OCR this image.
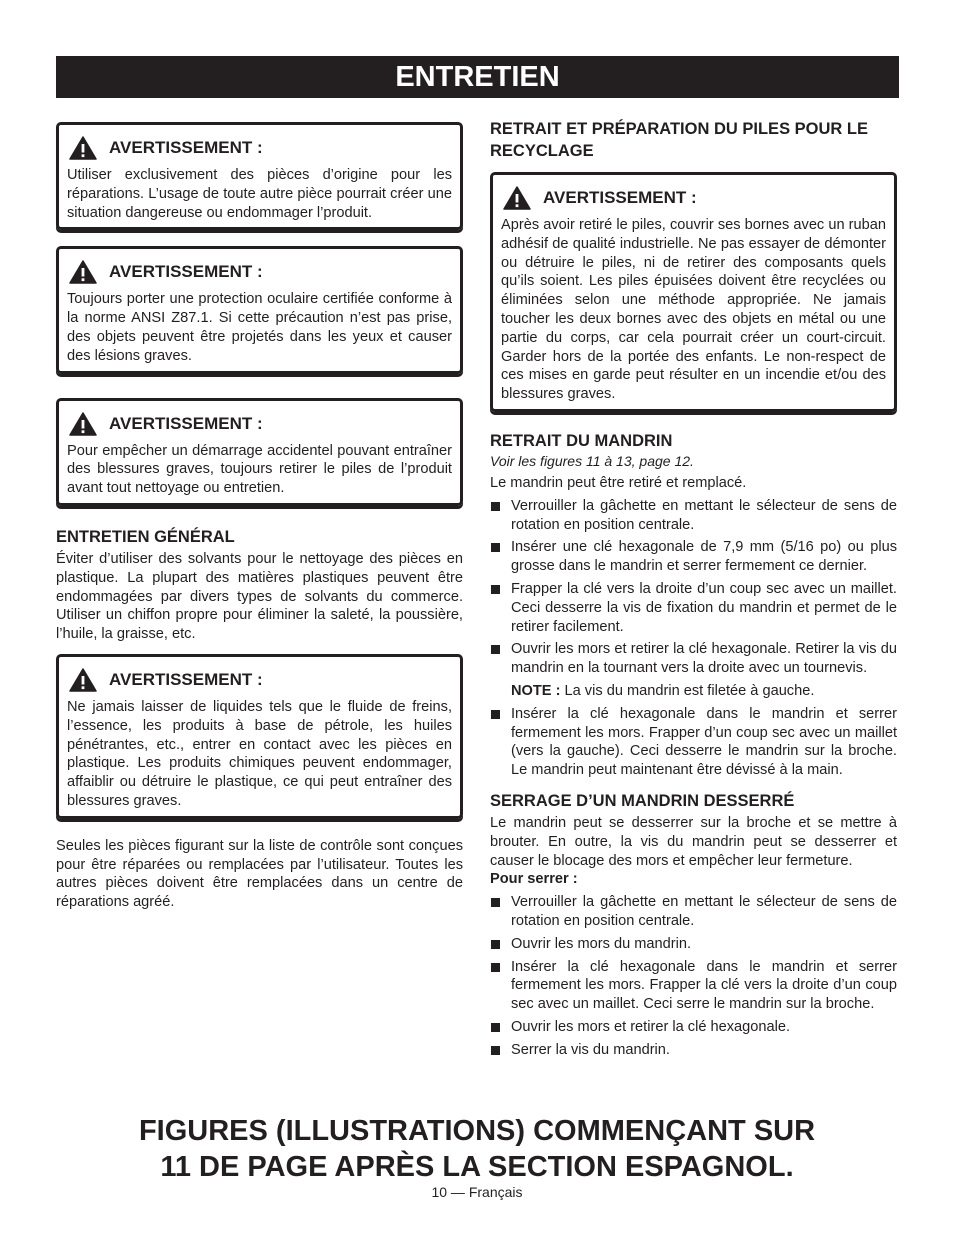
ENTRETIEN
AVERTISSEMENT :

Utiliser exclusivement des pièces d’origine pour les réparations. L’usage de toute autre pièce pourrait créer une situation dangereuse ou endommager l’produit.

AVERTISSEMENT :

Toujours porter une protection oculaire certifiée conforme à la norme ANSI Z87.1. Si cette précaution n’est pas prise, des objets peuvent être projetés dans les yeux et causer des lésions graves.

AVERTISSEMENT :

Pour empêcher un démarrage accidentel pouvant entraîner des blessures graves, toujours retirer le piles de l’produit avant tout nettoyage ou entretien.

ENTRETIEN GÉNÉRAL

Éviter d’utiliser des solvants pour le nettoyage des pièces en plastique. La plupart des matières plastiques peuvent être endommagées par divers types de solvants du commerce. Utiliser un chiffon propre pour éliminer la saleté, la poussière, l’huile, la graisse, etc.

AVERTISSEMENT :

Ne jamais laisser de liquides tels que le fluide de freins, l’essence, les produits à base de pétrole, les huiles pénétrantes, etc., entrer en contact avec les pièces en plastique. Les produits chimiques peuvent endommager, affaiblir ou détruire le plastique, ce qui peut entraîner des blessures graves.

Seules les pièces figurant sur la liste de contrôle sont conçues pour être réparées ou remplacées par l’utilisateur. Toutes les autres pièces doivent être remplacées dans un centre de réparations agréé.

RETRAIT ET PRÉPARATION DU PILES POUR LE RECYCLAGE
AVERTISSEMENT :

Après avoir retiré le piles, couvrir ses bornes avec un ruban adhésif de qualité industrielle. Ne pas essayer de démonter ou détruire le piles, ni de retirer des composants quels qu’ils soient. Les piles épuisées doivent être recyclées ou éliminées selon une méthode appropriée. Ne jamais toucher les deux bornes avec des objets en métal ou une partie du corps, car cela pourrait créer un court-circuit. Garder hors de la portée des enfants. Le non-respect de ces mises en garde peut résulter en un incendie et/ou des blessures graves.

RETRAIT DU MANDRIN

Voir les figures 11 à 13, page 12.

Le mandrin peut être retiré et remplacé.

Verrouiller la gâchette en mettant le sélecteur de sens de rotation en position centrale.
Insérer une clé hexagonale de 7,9 mm (5/16 po) ou plus grosse dans le mandrin et serrer fermement ce dernier.
Frapper la clé vers la droite d’un coup sec avec un maillet. Ceci desserre la vis de fixation du mandrin et permet de le retirer facilement.
Ouvrir les mors et retirer la clé hexagonale. Retirer la vis du mandrin en la tournant vers la droite avec un tournevis.

NOTE : La vis du mandrin est filetée à gauche.

Insérer la clé hexagonale dans le mandrin et serrer fermement les mors. Frapper d’un coup sec avec un maillet (vers la gauche). Ceci desserre le mandrin sur la broche. Le mandrin peut maintenant être dévissé à la main.
SERRAGE D’UN MANDRIN DESSERRÉ

Le mandrin peut se desserrer sur la broche et se mettre à brouter. En outre, la vis du mandrin peut se desserrer et causer le blocage des mors et empêcher leur fermeture.

Pour serrer :

Verrouiller la gâchette en mettant le sélecteur de sens de rotation en position centrale.
Ouvrir les mors du mandrin.
Insérer la clé hexagonale dans le mandrin et serrer fermement les mors. Frapper la clé vers la droite d’un coup sec avec un maillet. Ceci serre le mandrin sur la broche.
Ouvrir les mors et retirer la clé hexagonale.
Serrer la vis du mandrin.
FIGURES (ILLUSTRATIONS) COMMENÇANT SUR
11 DE PAGE APRÈS LA SECTION ESPAGNOL.
10 — Français
